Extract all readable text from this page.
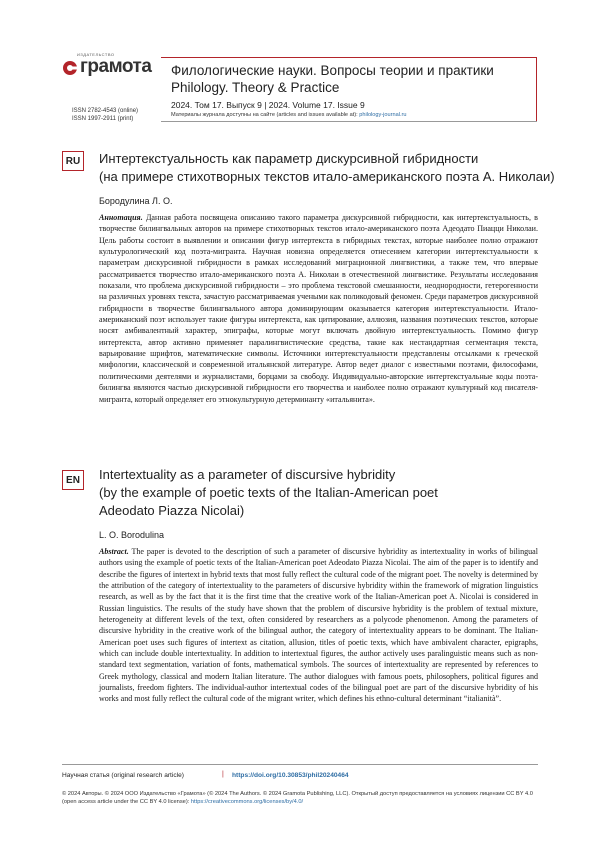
ИЗДАТЕЛЬСТВО
грамота
ISSN 2782-4543 (online)
ISSN 1997-2911 (print)
Филологические науки. Вопросы теории и практики
Philology. Theory & Practice
2024. Том 17. Выпуск 9 | 2024. Volume 17. Issue 9
Материалы журнала доступны на сайте (articles and issues available at): philology-journal.ru
RU Интертекстуальность как параметр дискурсивной гибридности
(на примере стихотворных текстов итало-американского поэта А. Николаи)
Бородулина Л. О.

Аннотация. Данная работа посвящена описанию такого параметра дискурсивной гибридности, как интертекстуальность, в творчестве билингвальных авторов на примере стихотворных текстов итало-американского поэта Адеодато Пиацци Николаи. Цель работы состоит в выявлении и описании фигур интертекста в гибридных текстах, которые наиболее полно отражают культурологический код поэта-мигранта. Научная новизна определяется отнесением категории интертекстуальности к параметрам дискурсивной гибридности в рамках исследований миграционной лингвистики, а также тем, что впервые рассматривается творчество итало-американского поэта А. Николаи в отечественной лингвистике. Результаты исследования показали, что проблема дискурсивной гибридности – это проблема текстовой смешанности, неоднородности, гетерогенности на различных уровнях текста, зачастую рассматриваемая учеными как поликодовый феномен. Среди параметров дискурсивной гибридности в творчестве билингвального автора доминирующим оказывается категория интертекстуальности. Итало-американский поэт использует такие фигуры интертекста, как цитирование, аллюзия, названия поэтических текстов, которые носят амбивалентный характер, эпиграфы, которые могут включать двойную интертекстуальность. Помимо фигур интертекста, автор активно применяет паралингвистические средства, такие как нестандартная сегментация текста, варьирование шрифтов, математические символы. Источники интертекстуальности представлены отсылками к греческой мифологии, классической и современной итальянской литературе. Автор ведет диалог с известными поэтами, философами, политическими деятелями и журналистами, борцами за свободу. Индивидуально-авторские интертекстуальные коды поэта-билингва являются частью дискурсивной гибридности его творчества и наиболее полно отражают культурный код писателя-мигранта, который определяет его этнокультурную детерминанту «итальянита».

EN	Intertextuality as a parameter of discursive hybridity
(by the example of poetic texts of the Italian-American poet
Adeodato Piazza Nicolai)
L. O. Borodulina

Abstract. The paper is devoted to the description of such a parameter of discursive hybridity as intertextuality in works of bilingual authors using the example of poetic texts of the Italian-American poet Adeodato Piazza Nicolai. The aim of the paper is to identify and describe the figures of intertext in hybrid texts that most fully reflect the cultural code of the migrant poet. The novelty is determined by the attribution of the category of intertextuality to the parameters of discursive hybridity within the framework of migration linguistics research, as well as by the fact that it is the first time that the creative work of the Italian-American poet A. Nicolai is considered in Russian linguistics. The results of the study have shown that the problem of discursive hybridity is the problem of textual mixture, heterogeneity at different levels of the text, often considered by researchers as a polycode phenomenon. Among the parameters of discursive hybridity in the creative work of the bilingual author, the category of intertextuality appears to be dominant. The Italian-American poet uses such figures of intertext as citation, allusion, titles of poetic texts, which have ambivalent character, epigraphs, which can include double intertextuality. In addition to intertextual figures, the author actively uses paralinguistic means such as non-standard text segmentation, variation of fonts, mathematical symbols. The sources of intertextuality are represented by references to Greek mythology, classical and modern Italian literature. The author dialogues with famous poets, philosophers, political figures and journalists, freedom fighters. The individual-author intertextual codes of the bilingual poet are part of the discursive hybridity of his works and most fully reflect the cultural code of the migrant writer, which defines his ethno-cultural determinant “italianità”.

Научная статья (original research article)	| https://doi.org/10.30853/phil20240464
© 2024 Авторы. © 2024 ООО Издательство «Грамота» (© 2024 The Authors. © 2024 Gramota Publishing, LLC). Открытый доступ предоставляется на условиях лицензии CC BY 4.0 (open access article under the CC BY 4.0 license): https://creativecommons.org/licenses/by/4.0/
